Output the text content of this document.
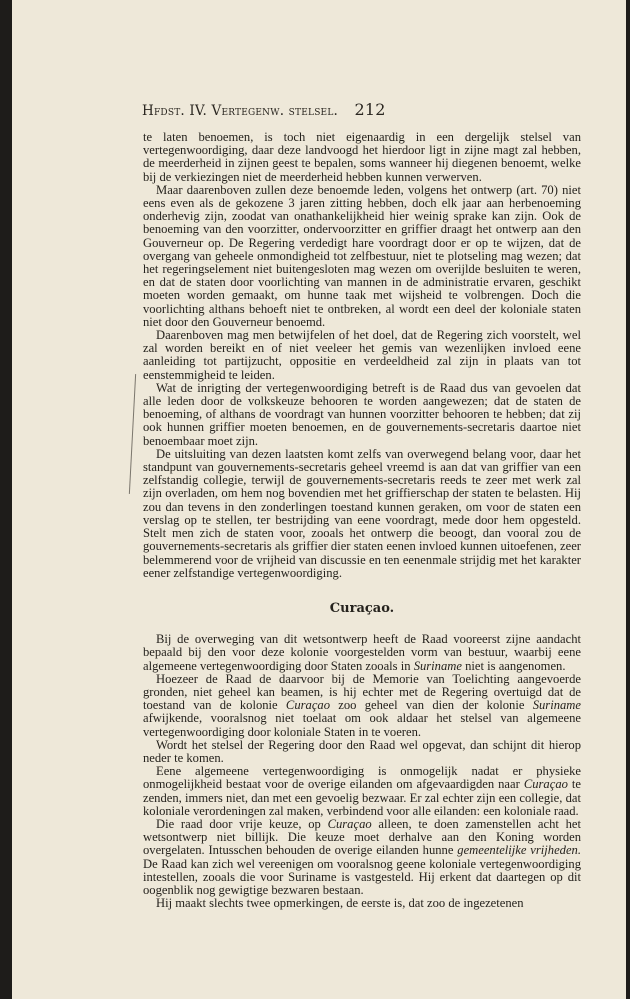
Hfdst. IV. Vertegenw. stelsel. 212

te laten benoemen, is toch niet eigenaardig in een dergelijk stelsel van vertegenwoordiging, daar deze landvoogd het hierdoor ligt in zijne magt zal hebben, de meerderheid in zijnen geest te bepalen, soms wanneer hij diegenen benoemt, welke bij de verkiezingen niet de meerderheid hebben kunnen verwerven.

Maar daarenboven zullen deze benoemde leden, volgens het ontwerp (art. 70) niet eens even als de gekozene 3 jaren zitting hebben, doch elk jaar aan herbenoeming onderhevig zijn, zoodat van onathankelijkheid hier weinig sprake kan zijn. Ook de benoeming van den voorzitter, ondervoorzitter en griffier draagt het ontwerp aan den Gouverneur op. De Regering verdedigt hare voordragt door er op te wijzen, dat de overgang van geheele onmondigheid tot zelfbestuur, niet te plotseling mag wezen; dat het regeringselement niet buitengesloten mag wezen om overijlde besluiten te weren, en dat de staten door voorlichting van mannen in de administratie ervaren, geschikt moeten worden gemaakt, om hunne taak met wijsheid te volbrengen. Doch die voorlichting althans behoeft niet te ontbreken, al wordt een deel der koloniale staten niet door den Gouverneur benoemd.

Daarenboven mag men betwijfelen of het doel, dat de Regering zich voorstelt, wel zal worden bereikt en of niet veeleer het gemis van wezenlijken invloed eene aanleiding tot partijzucht, oppositie en verdeeldheid zal zijn in plaats van tot eenstemmigheid te leiden.

Wat de inrigting der vertegenwoordiging betreft is de Raad dus van gevoelen dat alle leden door de volkskeuze behooren te worden aangewezen; dat de staten de benoeming, of althans de voordragt van hunnen voorzitter behooren te hebben; dat zij ook hunnen griffier moeten benoemen, en de gouvernements-secretaris daartoe niet benoembaar moet zijn.

De uitsluiting van dezen laatsten komt zelfs van overwegend belang voor, daar het standpunt van gouvernements-secretaris geheel vreemd is aan dat van griffier van een zelfstandig collegie, terwijl de gouvernements-secretaris reeds te zeer met werk zal zijn overladen, om hem nog bovendien met het griffierschap der staten te belasten. Hij zou dan tevens in den zonderlingen toestand kunnen geraken, om voor de staten een verslag op te stellen, ter bestrijding van eene voordragt, mede door hem opgesteld. Stelt men zich de staten voor, zooals het ontwerp die beoogt, dan vooral zou de gouvernements-secretaris als griffier dier staten eenen invloed kunnen uitoefenen, zeer belemmerend voor de vrijheid van discussie en ten eenenmale strijdig met het karakter eener zelfstandige vertegenwoordiging.

Curaçao.

Bij de overweging van dit wetsontwerp heeft de Raad vooreerst zijne aandacht bepaald bij den voor deze kolonie voorgestelden vorm van bestuur, waarbij eene algemeene vertegenwoordiging door Staten zooals in Suriname niet is aangenomen.

Hoezeer de Raad de daarvoor bij de Memorie van Toelichting aangevoerde gronden, niet geheel kan beamen, is hij echter met de Regering overtuigd dat de toestand van de kolonie Curaçao zoo geheel van dien der kolonie Suriname afwijkende, vooralsnog niet toelaat om ook aldaar het stelsel van algemeene vertegenwoordiging door koloniale Staten in te voeren.

Wordt het stelsel der Regering door den Raad wel opgevat, dan schijnt dit hierop neder te komen.

Eene algemeene vertegenwoordiging is onmogelijk nadat er physieke onmogelijkheid bestaat voor de overige eilanden om afgevaardigden naar Curaçao te zenden, immers niet, dan met een gevoelig bezwaar. Er zal echter zijn een collegie, dat koloniale verordeningen zal maken, verbindend voor alle eilanden: een koloniale raad.

Die raad door vrije keuze, op Curaçao alleen, te doen zamenstellen acht het wetsontwerp niet billijk. Die keuze moet derhalve aan den Koning worden overgelaten. Intusschen behouden de overige eilanden hunne gemeentelijke vrijheden. De Raad kan zich wel vereenigen om vooralsnog geene koloniale vertegenwoordiging intestellen, zooals die voor Suriname is vastgesteld. Hij erkent dat daartegen op dit oogenblik nog gewigtige bezwaren bestaan.

Hij maakt slechts twee opmerkingen, de eerste is, dat zoo de ingezetenen
